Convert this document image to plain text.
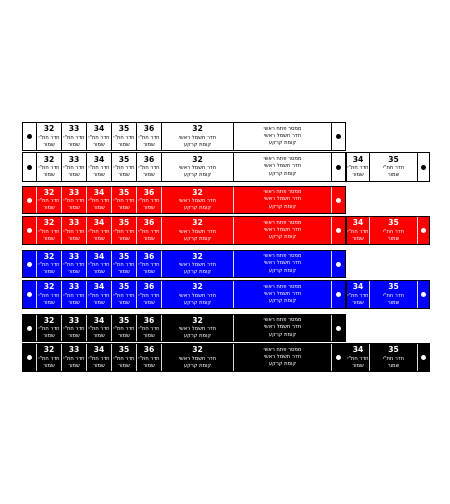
32
חדר חת"י
שמור
33
חדר חת"י
שמור
34
חדר חת"י
שמור
35
חדר חת"י
שמור
36
חדר חת"י
שמור
32
חדר חשמל ראשי
קומת קרקע
ממסר פתח ראשי
חדר חשמל ראשי
קומת קרקע
32
חדר חת"י
שמור
33
חדר חת"י
שמור
34
חדר חת"י
שמור
35
חדר חת"י
שמור
36
חדר חת"י
שמור
32
חדר חשמל ראשי
קומת קרקע
ממסר פתח ראשי
חדר חשמל ראשי
קומת קרקע
34
חדר חת"י
שמור
35
חדר חת"י
שמור
32
חדר חת"י
שמור
33
חדר חת"י
שמור
34
חדר חת"י
שמור
35
חדר חת"י
שמור
36
חדר חת"י
שמור
32
חדר חשמל ראשי
קומת קרקע
ממסר פתח ראשי
חדר חשמל ראשי
קומת קרקע
32
חדר חת"י
שמור
33
חדר חת"י
שמור
34
חדר חת"י
שמור
35
חדר חת"י
שמור
36
חדר חת"י
שמור
32
חדר חשמל ראשי
קומת קרקע
ממסר פתח ראשי
חדר חשמל ראשי
קומת קרקע
34
חדר חת"י
שמור
35
חדר חת"י
שמור
32
חדר חת"י
שמור
33
חדר חת"י
שמור
34
חדר חת"י
שמור
35
חדר חת"י
שמור
36
חדר חת"י
שמור
32
חדר חשמל ראשי
קומת קרקע
ממסר פתח ראשי
חדר חשמל ראשי
קומת קרקע
32
חדר חת"י
שמור
33
חדר חת"י
שמור
34
חדר חת"י
שמור
35
חדר חת"י
שמור
36
חדר חת"י
שמור
32
חדר חשמל ראשי
קומת קרקע
ממסר פתח ראשי
חדר חשמל ראשי
קומת קרקע
34
חדר חת"י
שמור
35
חדר חת"י
שמור
32
חדר חת"י
שמור
33
חדר חת"י
שמור
34
חדר חת"י
שמור
35
חדר חת"י
שמור
36
חדר חת"י
שמור
32
חדר חשמל ראשי
קומת קרקע
ממסר פתח ראשי
חדר חשמל ראשי
קומת קרקע
32
חדר חת"י
שמור
33
חדר חת"י
שמור
34
חדר חת"י
שמור
35
חדר חת"י
שמור
36
חדר חת"י
שמור
32
חדר חשמל ראשי
קומת קרקע
ממסר פתח ראשי
חדר חשמל ראשי
קומת קרקע
34
חדר חת"י
שמור
35
חדר חת"י
שמור
